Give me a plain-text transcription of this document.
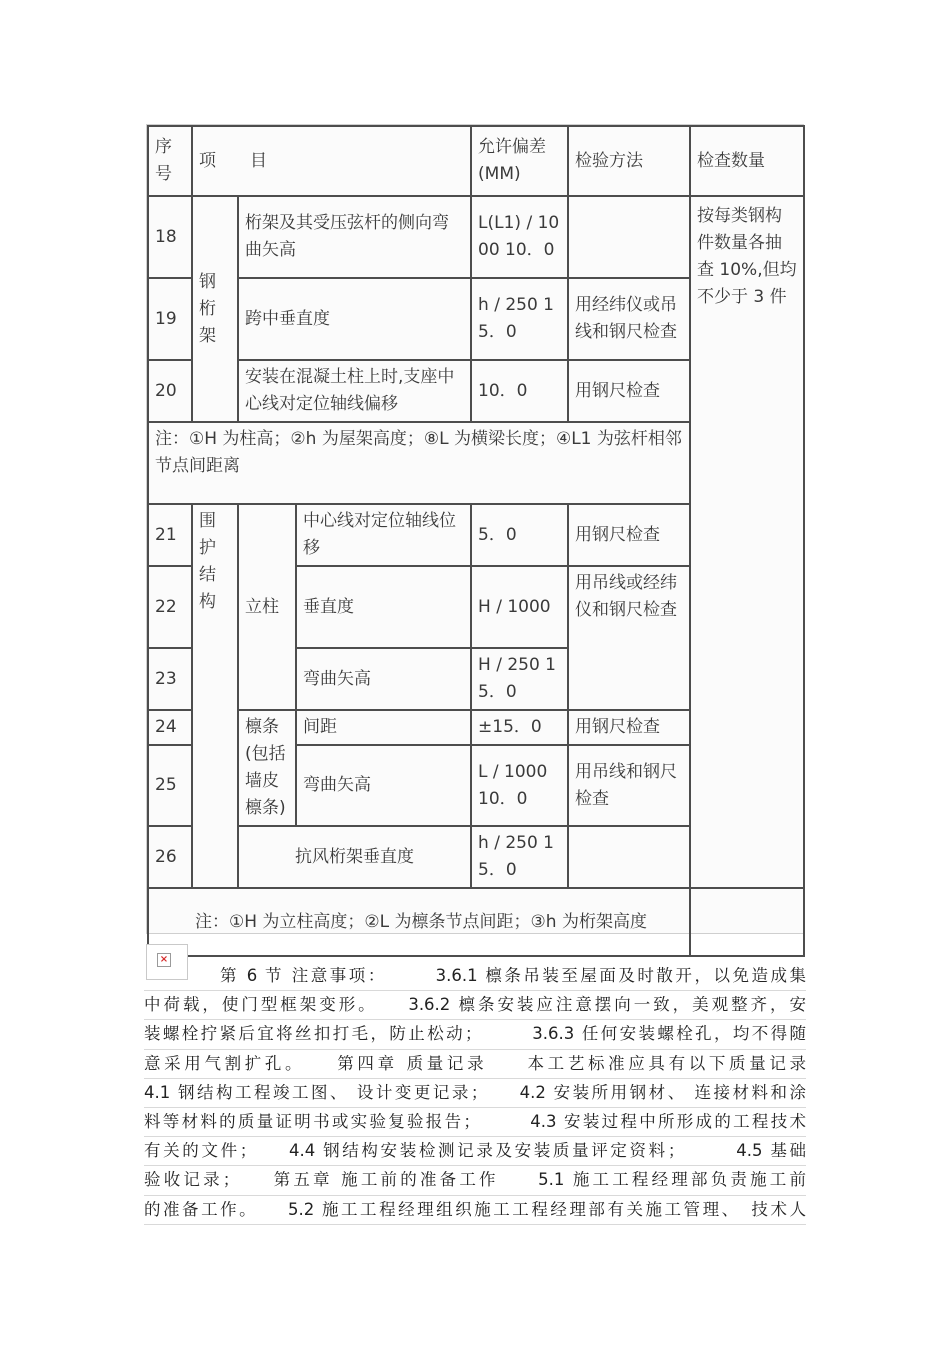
序号	项　　目			允许偏差(MM)	检验方法	检查数量
18	钢桁架	桁架及其受压弦杆的侧向弯曲矢高		L(L1) / 1000 10．0		按每类钢构件数量各抽查 10%,但均不少于 3 件
19		跨中垂直度		h / 250 15．0	用经纬仪或吊线和钢尺检查	
20		安装在混凝土柱上时,支座中心线对定位轴线偏移		10．0	用钢尺检查	
注：①H 为柱高；②h 为屋架高度；⑧L 为横梁长度；④L1 为弦杆相邻节点间距离						
21	围护结构	立柱	中心线对定位轴线位移	5．0	用钢尺检查	
22			垂直度	H / 1000	用吊线或经纬仪和钢尺检查	
23			弯曲矢高	H / 250 15．0		
24		檩条(包括墙皮檩条)	间距	±15．0	用钢尺检查	
25			弯曲矢高	L / 1000 10．0	用吊线和钢尺检查	
26		抗风桁架垂直度		h / 250 15．0		
注：①H 为立柱高度；②L 为檩条节点间距；③h 为桁架高度						
×
第 6 节 注意事项：　　　3.6.1 檩条吊装至屋面及时散开，以免造成集
中荷载，使门型框架变形。　　3.6.2 檩条安装应注意摆向一致，美观整齐，安
装螺栓拧紧后宜将丝扣打毛，防止松动；　　　3.6.3 任何安装螺栓孔，均不得随
意采用气割扩孔。　　第四章 质量记录　　本工艺标准应具有以下质量记录
4.1 钢结构工程竣工图、 设计变更记录；　　4.2 安装所用钢材、 连接材料和涂
料等材料的质量证明书或实验复验报告；　　　4.3 安装过程中所形成的工程技术
有关的文件；　　4.4 钢结构安装检测记录及安装质量评定资料；　　　4.5 基础
验收记录；　　第五章 施工前的准备工作　　5.1 施工工程经理部负责施工前
的准备工作。　　5.2 施工工程经理组织施工工程经理部有关施工管理、　技术人
